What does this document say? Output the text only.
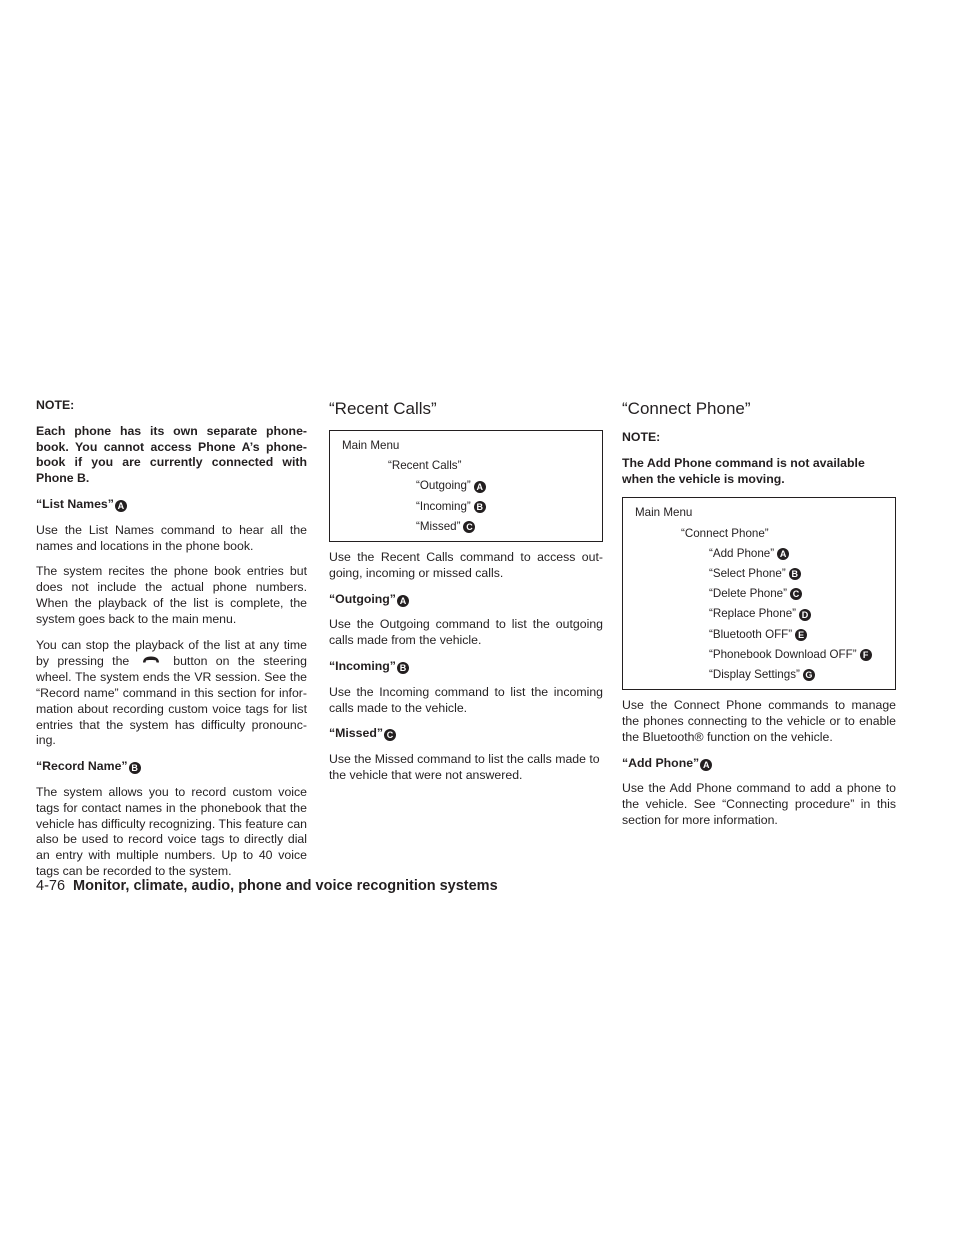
NOTE:

Each phone has its own separate phone-book. You cannot access Phone A’s phone-book if you are currently connected with Phone B.

“List Names” A

Use the List Names command to hear all the names and locations in the phone book.

The system recites the phone book entries but does not include the actual phone numbers. When the playback of the list is complete, the system goes back to the main menu.

You can stop the playback of the list at any time by pressing the	button on the steering wheel. The system ends the VR session. See the “Record name” command in this section for infor-mation about recording custom voice tags for list entries that the system has difficulty pronounc-ing.

“Record Name” B

The system allows you to record custom voice tags for contact names in the phonebook that the vehicle has difficulty recognizing. This feature can also be used to record voice tags to directly dial an entry with multiple numbers. Up to 40 voice tags can be recorded to the system.

“Recent Calls”
Main Menu
“Recent Calls”
“Outgoing” A
“Incoming” B
“Missed” C

Use the Recent Calls command to access out-going, incoming or missed calls.

“Outgoing” A

Use the Outgoing command to list the outgoing calls made from the vehicle.

“Incoming” B

Use the Incoming command to list the incoming calls made to the vehicle.

“Missed” C

Use the Missed command to list the calls made to the vehicle that were not answered.

“Connect Phone”

NOTE:

The Add Phone command is not available when the vehicle is moving.

Main Menu
“Connect Phone”
“Add Phone” A
“Select Phone” B
“Delete Phone” C
“Replace Phone” D
“Bluetooth OFF” E
“Phonebook Download OFF” F
“Display Settings” G

Use the Connect Phone commands to manage the phones connecting to the vehicle or to enable the Bluetooth® function on the vehicle.

“Add Phone” A

Use the Add Phone command to add a phone to the vehicle. See “Connecting procedure” in this section for more information.

4-76 Monitor, climate, audio, phone and voice recognition systems
